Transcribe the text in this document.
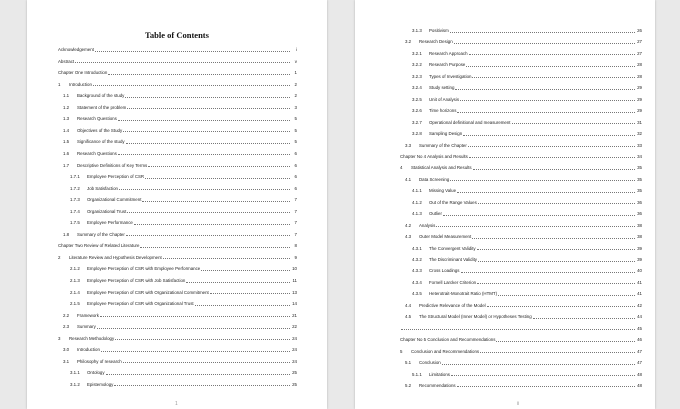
Table of Contents
Acknowledgement	i
Abstract	v
Chapter One Introduction	1
1	Introduction	2
1.1	Background of the study	2
1.2	Statement of the problem	3
1.3	Research Questions	5
1.4	Objectives of the Study	5
1.5	Significance of the study	5
1.6	Research Questions	6
1.7	Descriptive Definitions of Key Terms	6
1.7.1	Employee Perception of CSR	6
1.7.2	Job Satisfaction	6
1.7.3	Organizational Commitment	7
1.7.4	Organizational Trust	7
1.7.5	Employee Performance	7
1.8	Summary of the Chapter	7
Chapter Two Review of Related Literature	8
2	Literature Review and Hypothesis Development	9
2.1.2	Employee Perception of CSR with Employee Performance	10
2.1.3	Employee Perception of CSR with Job Satisfaction	11
2.1.4	Employee Perception of CSR with Organizational Commitment	13
2.1.5	Employee Perception of CSR with Organizational Trust	14
2.2	Framework	21
2.3	Summary	22
3	Research Methodology	24
3.0	Introduction	24
3.1	Philosophy of research	24
3.1.1	Ontology	25
3.1.2	Epistemology	25
1
3.1.3	Positivism	26
3.2	Research Design	27
3.2.1	Research Approach	27
3.2.2	Research Purpose	28
3.2.3	Types of Investigation	28
3.2.4	Study setting	29
3.2.5	Unit of Analysis	29
3.2.6	Time horizons	29
3.2.7	Operational definitional and measurement	31
3.2.8	Sampling Design	32
3.3	Summary of the Chapter	33
Chapter No 4 Analysis and Results	34
4	Statistical Analysis and Results	35
4.1	Data Screening	35
4.1.1	Missing Value	35
4.1.2	Out of the Range Values	36
4.1.3	Outlier	36
4.2	Analysis	38
4.3	Outer Model Measurement	38
4.3.1	The Convergent Validity	39
4.3.2	The Discriminant Validity	39
4.3.3	Cross Loadings	40
4.3.4	Fornell Larcker Criterion	41
4.3.5	Heterotrait-Monotrait Ratio (HTMT)	41
4.4	Predictive Relevance of the Model	42
4.5	The Structural Model (Inner Model) or Hypotheses Testing	44
45
Chapter No 5 Conclusion and Recommendations	46
5	Conclusion and Recommendations	47
5.1	Conclusion	47
5.1.1	Limitations	48
5.2	Recommendations	48
ii
